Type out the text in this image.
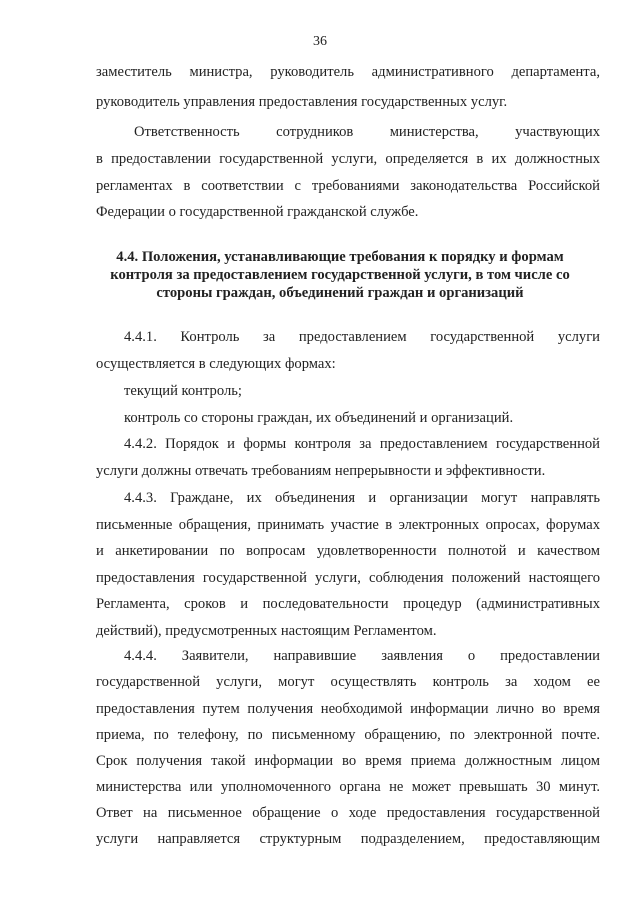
36
заместитель министра, руководитель административного департамента,
руководитель управления предоставления государственных услуг.
Ответственность сотрудников министерства, участвующих
в предоставлении государственной услуги, определяется в их должностных
регламентах в соответствии с требованиями законодательства Российской
Федерации о государственной гражданской службе.
4.4. Положения, устанавливающие требования к порядку и формам
контроля за предоставлением государственной услуги, в том числе со
стороны граждан, объединений граждан и организаций
4.4.1. Контроль за предоставлением государственной услуги
осуществляется в следующих формах:
текущий контроль;
контроль со стороны граждан, их объединений и организаций.
4.4.2. Порядок и формы контроля за предоставлением государственной
услуги должны отвечать требованиям непрерывности и эффективности.
4.4.3. Граждане, их объединения и организации могут направлять
письменные обращения, принимать участие в электронных опросах, форумах
и анкетировании по вопросам удовлетворенности полнотой и качеством
предоставления государственной услуги, соблюдения положений настоящего
Регламента, сроков и последовательности процедур (административных
действий), предусмотренных настоящим Регламентом.
4.4.4. Заявители, направившие заявления о предоставлении
государственной услуги, могут осуществлять контроль за ходом ее
предоставления путем получения необходимой информации лично во время
приема, по телефону, по письменному обращению, по электронной почте.
Срок получения такой информации во время приема должностным лицом
министерства или уполномоченного органа не может превышать 30 минут.
Ответ на письменное обращение о ходе предоставления государственной
услуги направляется структурным подразделением, предоставляющим
